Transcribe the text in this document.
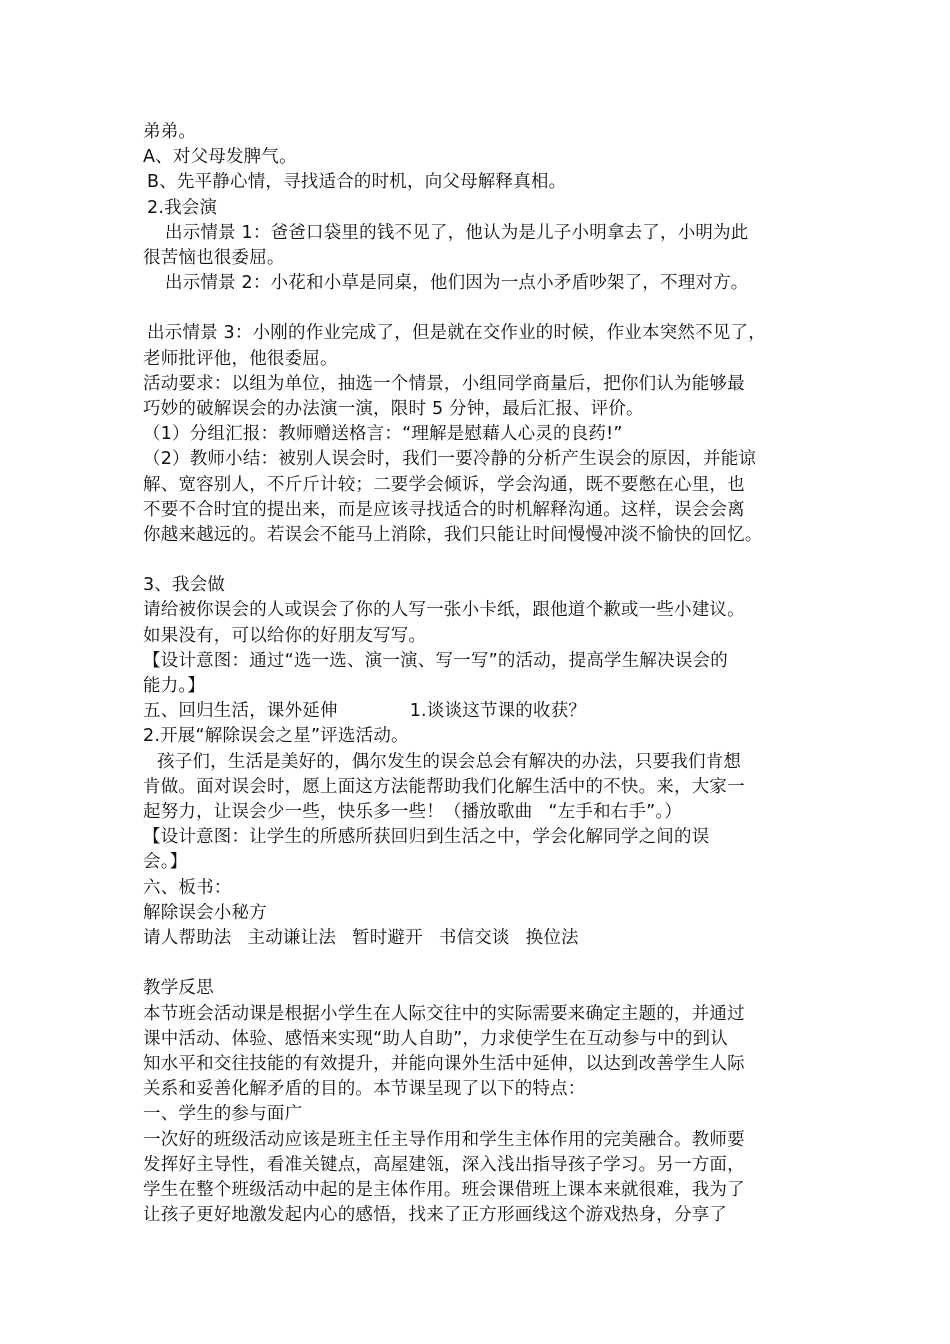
弟弟。
A、对父母发脾气。
B、先平静心情，寻找适合的时机，向父母解释真相。
2.我会演
出示情景 1：爸爸口袋里的钱不见了，他认为是儿子小明拿去了，小明为此
很苦恼也很委屈。
出示情景 2：小花和小草是同桌，他们因为一点小矛盾吵架了，不理对方。
出示情景 3：小刚的作业完成了，但是就在交作业的时候，作业本突然不见了，
老师批评他，他很委屈。
活动要求：以组为单位，抽选一个情景，小组同学商量后，把你们认为能够最
巧妙的破解误会的办法演一演，限时 5 分钟，最后汇报、评价。
（1）分组汇报：教师赠送格言：“理解是慰藉人心灵的良药!”
（2）教师小结：被别人误会时，我们一要冷静的分析产生误会的原因，并能谅
解、宽容别人，不斤斤计较；二要学会倾诉，学会沟通，既不要憋在心里，也
不要不合时宜的提出来，而是应该寻找适合的时机解释沟通。这样，误会会离
你越来越远的。若误会不能马上消除，我们只能让时间慢慢冲淡不愉快的回忆。
3、我会做
请给被你误会的人或误会了你的人写一张小卡纸，跟他道个歉或一些小建议。
如果没有，可以给你的好朋友写写。
【设计意图：通过“选一选、演一演、写一写”的活动，提高学生解决误会的
能力。】
五、回归生活，课外延伸	1.谈谈这节课的收获？
2.开展“解除误会之星”评选活动。
孩子们，生活是美好的，偶尔发生的误会总会有解决的办法，只要我们肯想
肯做。面对误会时，愿上面这方法能帮助我们化解生活中的不快。来，大家一
起努力，让误会少一些，快乐多一些！（播放歌曲 “左手和右手”。）
【设计意图：让学生的所感所获回归到生活之中，学会化解同学之间的误
会。】
六、板书：
解除误会小秘方
请人帮助法 主动谦让法 暂时避开 书信交谈 换位法
教学反思
本节班会活动课是根据小学生在人际交往中的实际需要来确定主题的，并通过
课中活动、体验、感悟来实现“助人自助”，力求使学生在互动参与中的到认
知水平和交往技能的有效提升，并能向课外生活中延伸，以达到改善学生人际
关系和妥善化解矛盾的目的。本节课呈现了以下的特点：
一、学生的参与面广
一次好的班级活动应该是班主任主导作用和学生主体作用的完美融合。教师要
发挥好主导性，看准关键点，高屋建瓴，深入浅出指导孩子学习。另一方面，
学生在整个班级活动中起的是主体作用。班会课借班上课本来就很难，我为了
让孩子更好地激发起内心的感悟，找来了正方形画线这个游戏热身，分享了
